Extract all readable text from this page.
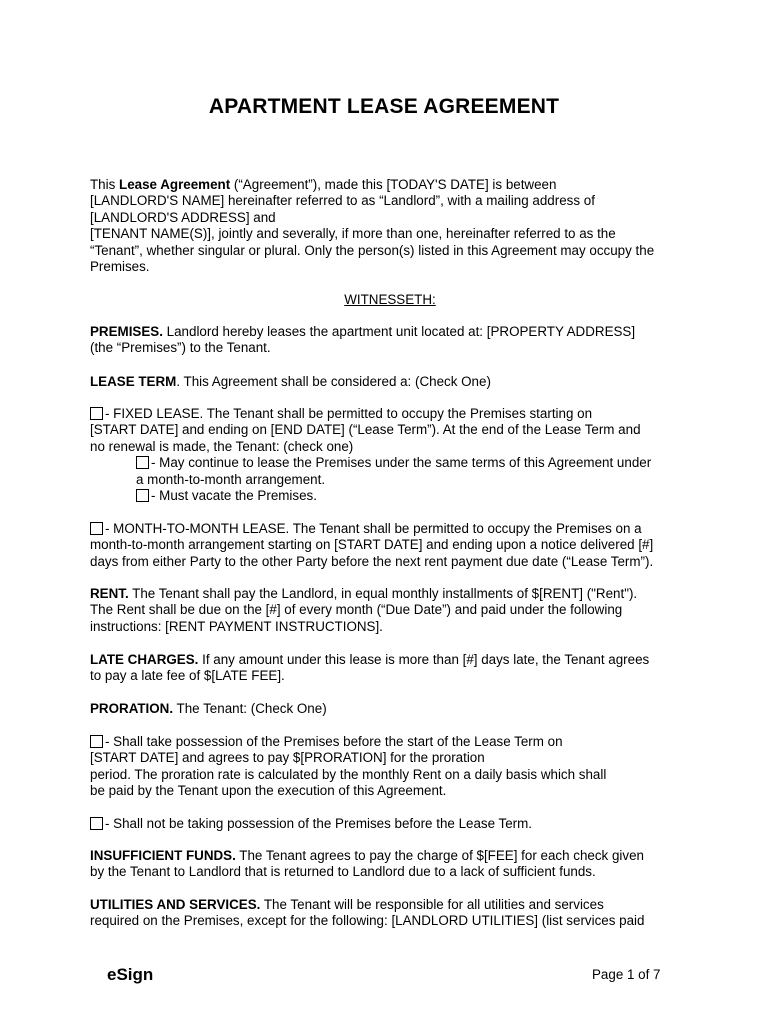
APARTMENT LEASE AGREEMENT
This Lease Agreement (“Agreement”), made this [TODAY'S DATE] is between
[LANDLORD'S NAME] hereinafter referred to as “Landlord”, with a mailing address of
[LANDLORD'S ADDRESS] and
[TENANT NAME(S)], jointly and severally, if more than one, hereinafter referred to as the
“Tenant”, whether singular or plural. Only the person(s) listed in this Agreement may occupy the
Premises.
WITNESSETH:
PREMISES. Landlord hereby leases the apartment unit located at: [PROPERTY ADDRESS]
(the “Premises”) to the Tenant.
LEASE TERM. This Agreement shall be considered a: (Check One)
- FIXED LEASE. The Tenant shall be permitted to occupy the Premises starting on
[START DATE] and ending on [END DATE] (“Lease Term”). At the end of the Lease Term and
no renewal is made, the Tenant: (check one)
- May continue to lease the Premises under the same terms of this Agreement under
a month-to-month arrangement.
- Must vacate the Premises.
- MONTH-TO-MONTH LEASE. The Tenant shall be permitted to occupy the Premises on a
month-to-month arrangement starting on [START DATE] and ending upon a notice delivered [#]
days from either Party to the other Party before the next rent payment due date (“Lease Term”).
RENT. The Tenant shall pay the Landlord, in equal monthly installments of $[RENT] ("Rent").
The Rent shall be due on the [#] of every month (“Due Date”) and paid under the following
instructions: [RENT PAYMENT INSTRUCTIONS].
LATE CHARGES. If any amount under this lease is more than [#] days late, the Tenant agrees
to pay a late fee of $[LATE FEE].
PRORATION. The Tenant: (Check One)
- Shall take possession of the Premises before the start of the Lease Term on
[START DATE] and agrees to pay $[PRORATION] for the proration
period. The proration rate is calculated by the monthly Rent on a daily basis which shall
be paid by the Tenant upon the execution of this Agreement.
- Shall not be taking possession of the Premises before the Lease Term.
INSUFFICIENT FUNDS. The Tenant agrees to pay the charge of $[FEE] for each check given
by the Tenant to Landlord that is returned to Landlord due to a lack of sufficient funds.
UTILITIES AND SERVICES. The Tenant will be responsible for all utilities and services
required on the Premises, except for the following: [LANDLORD UTILITIES] (list services paid
eSign	Page 1 of 7
